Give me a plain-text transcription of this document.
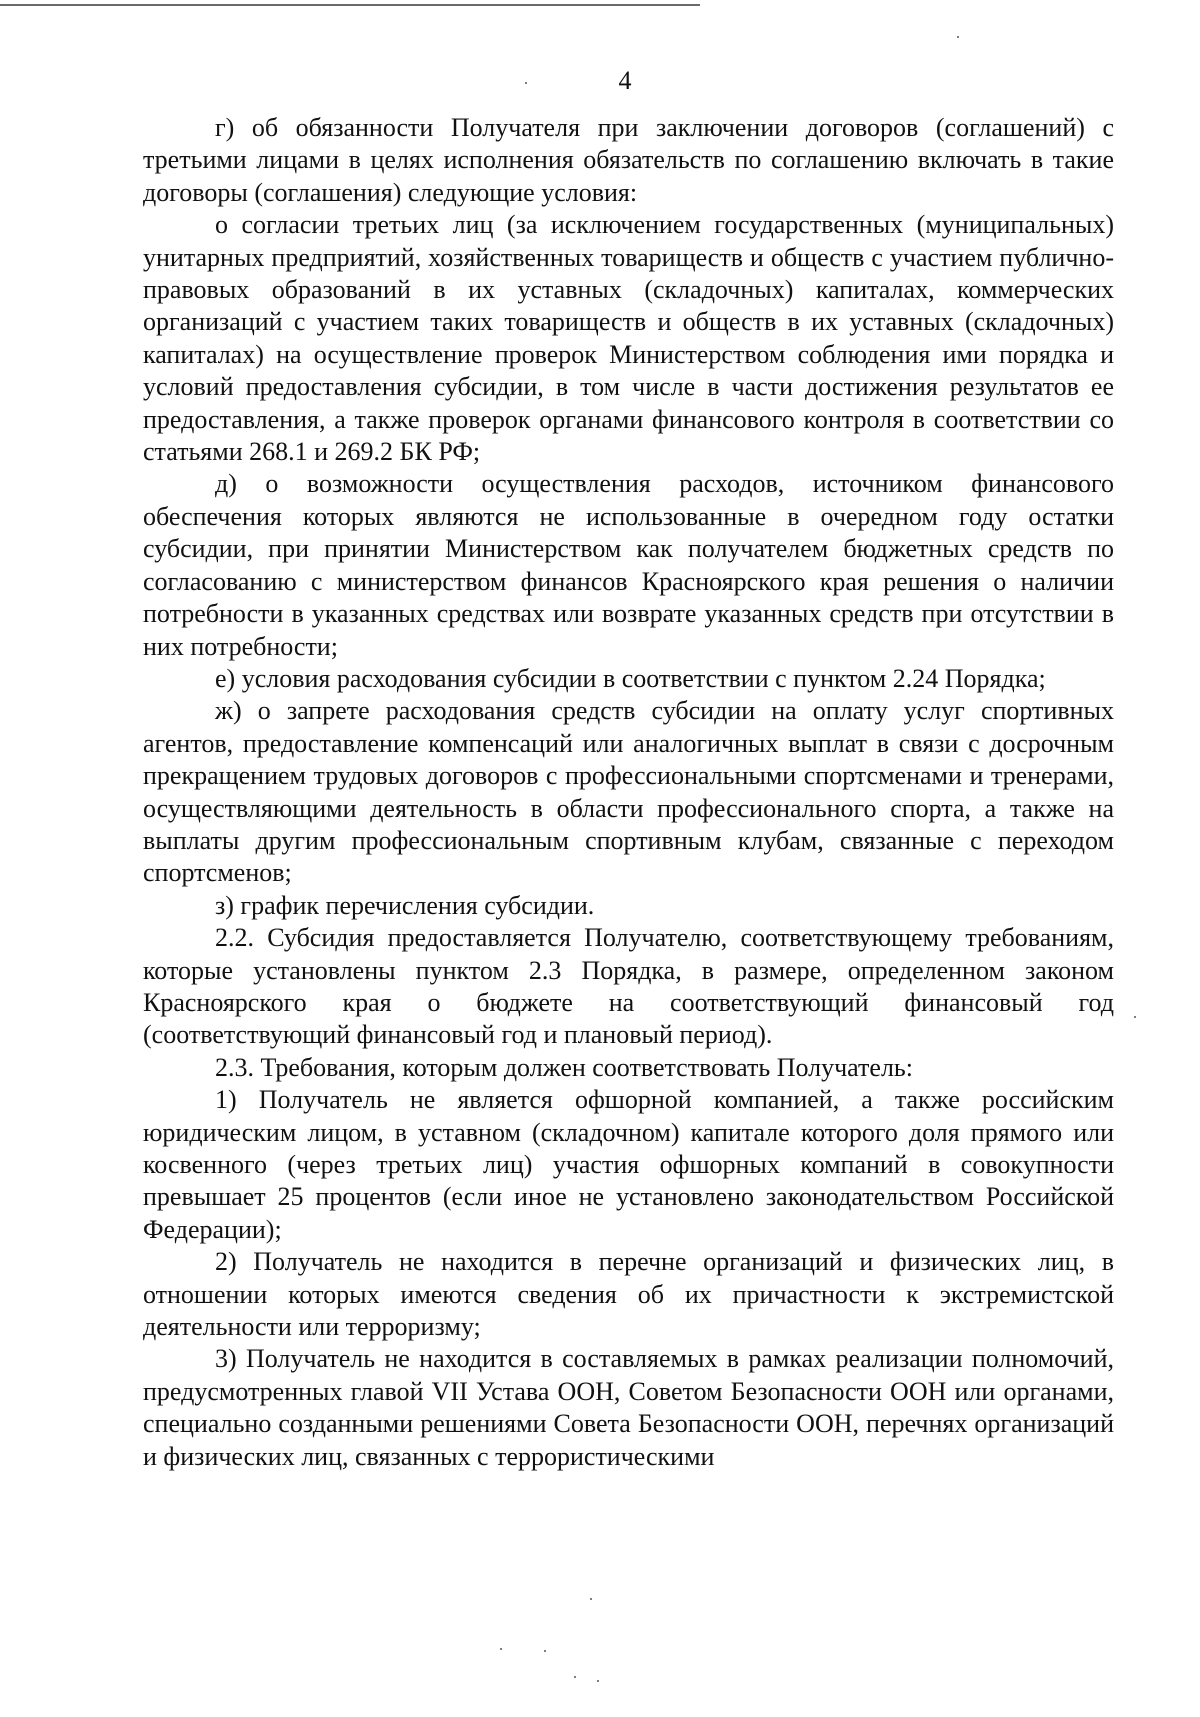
4

г) об обязанности Получателя при заключении договоров (соглашений) с третьими лицами в целях исполнения обязательств по соглашению включать в такие договоры (соглашения) следующие условия:

о согласии третьих лиц (за исключением государственных (муниципальных) унитарных предприятий, хозяйственных товариществ и обществ с участием публично-правовых образований в их уставных (складочных) капиталах, коммерческих организаций с участием таких товариществ и обществ в их уставных (складочных) капиталах) на осуществление проверок Министерством соблюдения ими порядка и условий предоставления субсидии, в том числе в части достижения результатов ее предоставления, а также проверок органами финансового контроля в соответствии со статьями 268.1 и 269.2 БК РФ;

д) о возможности осуществления расходов, источником финансового обеспечения которых являются не использованные в очередном году остатки субсидии, при принятии Министерством как получателем бюджетных средств по согласованию с министерством финансов Красноярского края решения о наличии потребности в указанных средствах или возврате указанных средств при отсутствии в них потребности;

е) условия расходования субсидии в соответствии с пунктом 2.24 Порядка;

ж) о запрете расходования средств субсидии на оплату услуг спортивных агентов, предоставление компенсаций или аналогичных выплат в связи с досрочным прекращением трудовых договоров с профессиональными спортсменами и тренерами, осуществляющими деятельность в области профессионального спорта, а также на выплаты другим профессиональным спортивным клубам, связанные с переходом спортсменов;

з) график перечисления субсидии.

2.2. Субсидия предоставляется Получателю, соответствующему требованиям, которые установлены пунктом 2.3 Порядка, в размере, определенном законом Красноярского края о бюджете на соответствующий финансовый год (соответствующий финансовый год и плановый период).

2.3. Требования, которым должен соответствовать Получатель:

1) Получатель не является офшорной компанией, а также российским юридическим лицом, в уставном (складочном) капитале которого доля прямого или косвенного (через третьих лиц) участия офшорных компаний в совокупности превышает 25 процентов (если иное не установлено законодательством Российской Федерации);

2) Получатель не находится в перечне организаций и физических лиц, в отношении которых имеются сведения об их причастности к экстремистской деятельности или терроризму;

3) Получатель не находится в составляемых в рамках реализации полномочий, предусмотренных главой VII Устава ООН, Советом Безопасности ООН или органами, специально созданными решениями Совета Безопасности ООН, перечнях организаций и физических лиц, связанных с террористическими
